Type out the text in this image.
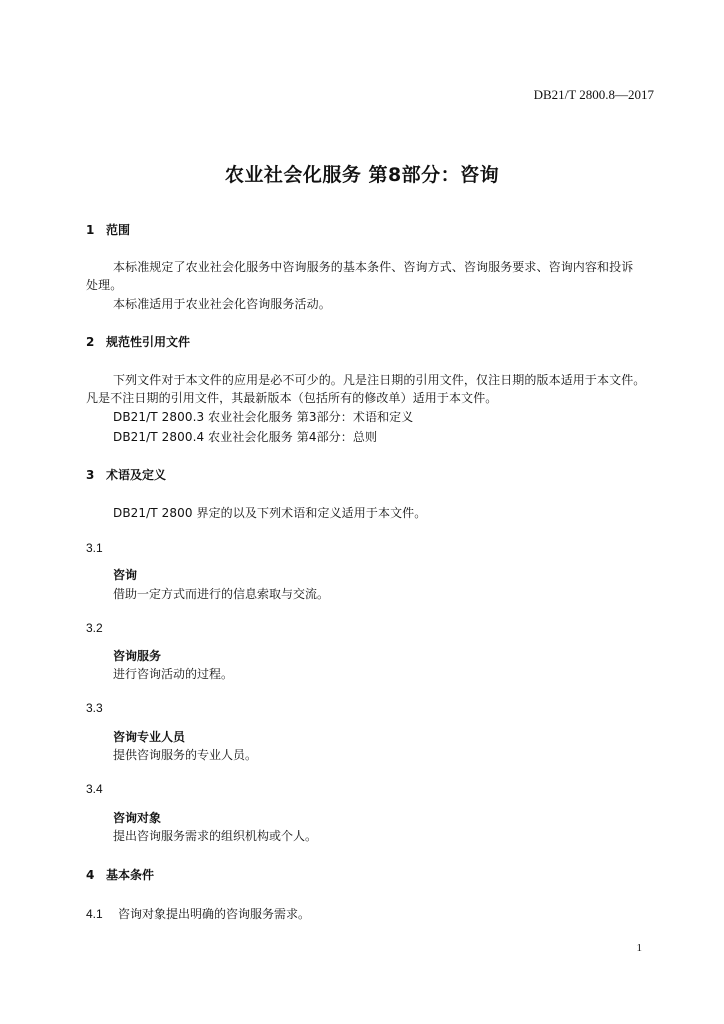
DB21/T 2800.8—2017
农业社会化服务 第8部分：咨询
1 范围
本标准规定了农业社会化服务中咨询服务的基本条件、咨询方式、咨询服务要求、咨询内容和投诉
处理。
本标准适用于农业社会化咨询服务活动。
2 规范性引用文件
下列文件对于本文件的应用是必不可少的。凡是注日期的引用文件，仅注日期的版本适用于本文件。
凡是不注日期的引用文件，其最新版本（包括所有的修改单）适用于本文件。
DB21/T 2800.3 农业社会化服务 第3部分：术语和定义
DB21/T 2800.4 农业社会化服务 第4部分：总则
3 术语及定义
DB21/T 2800 界定的以及下列术语和定义适用于本文件。
3.1
咨询
借助一定方式而进行的信息索取与交流。
3.2
咨询服务
进行咨询活动的过程。
3.3
咨询专业人员
提供咨询服务的专业人员。
3.4
咨询对象
提出咨询服务需求的组织机构或个人。
4 基本条件
4.1 咨询对象提出明确的咨询服务需求。
1
